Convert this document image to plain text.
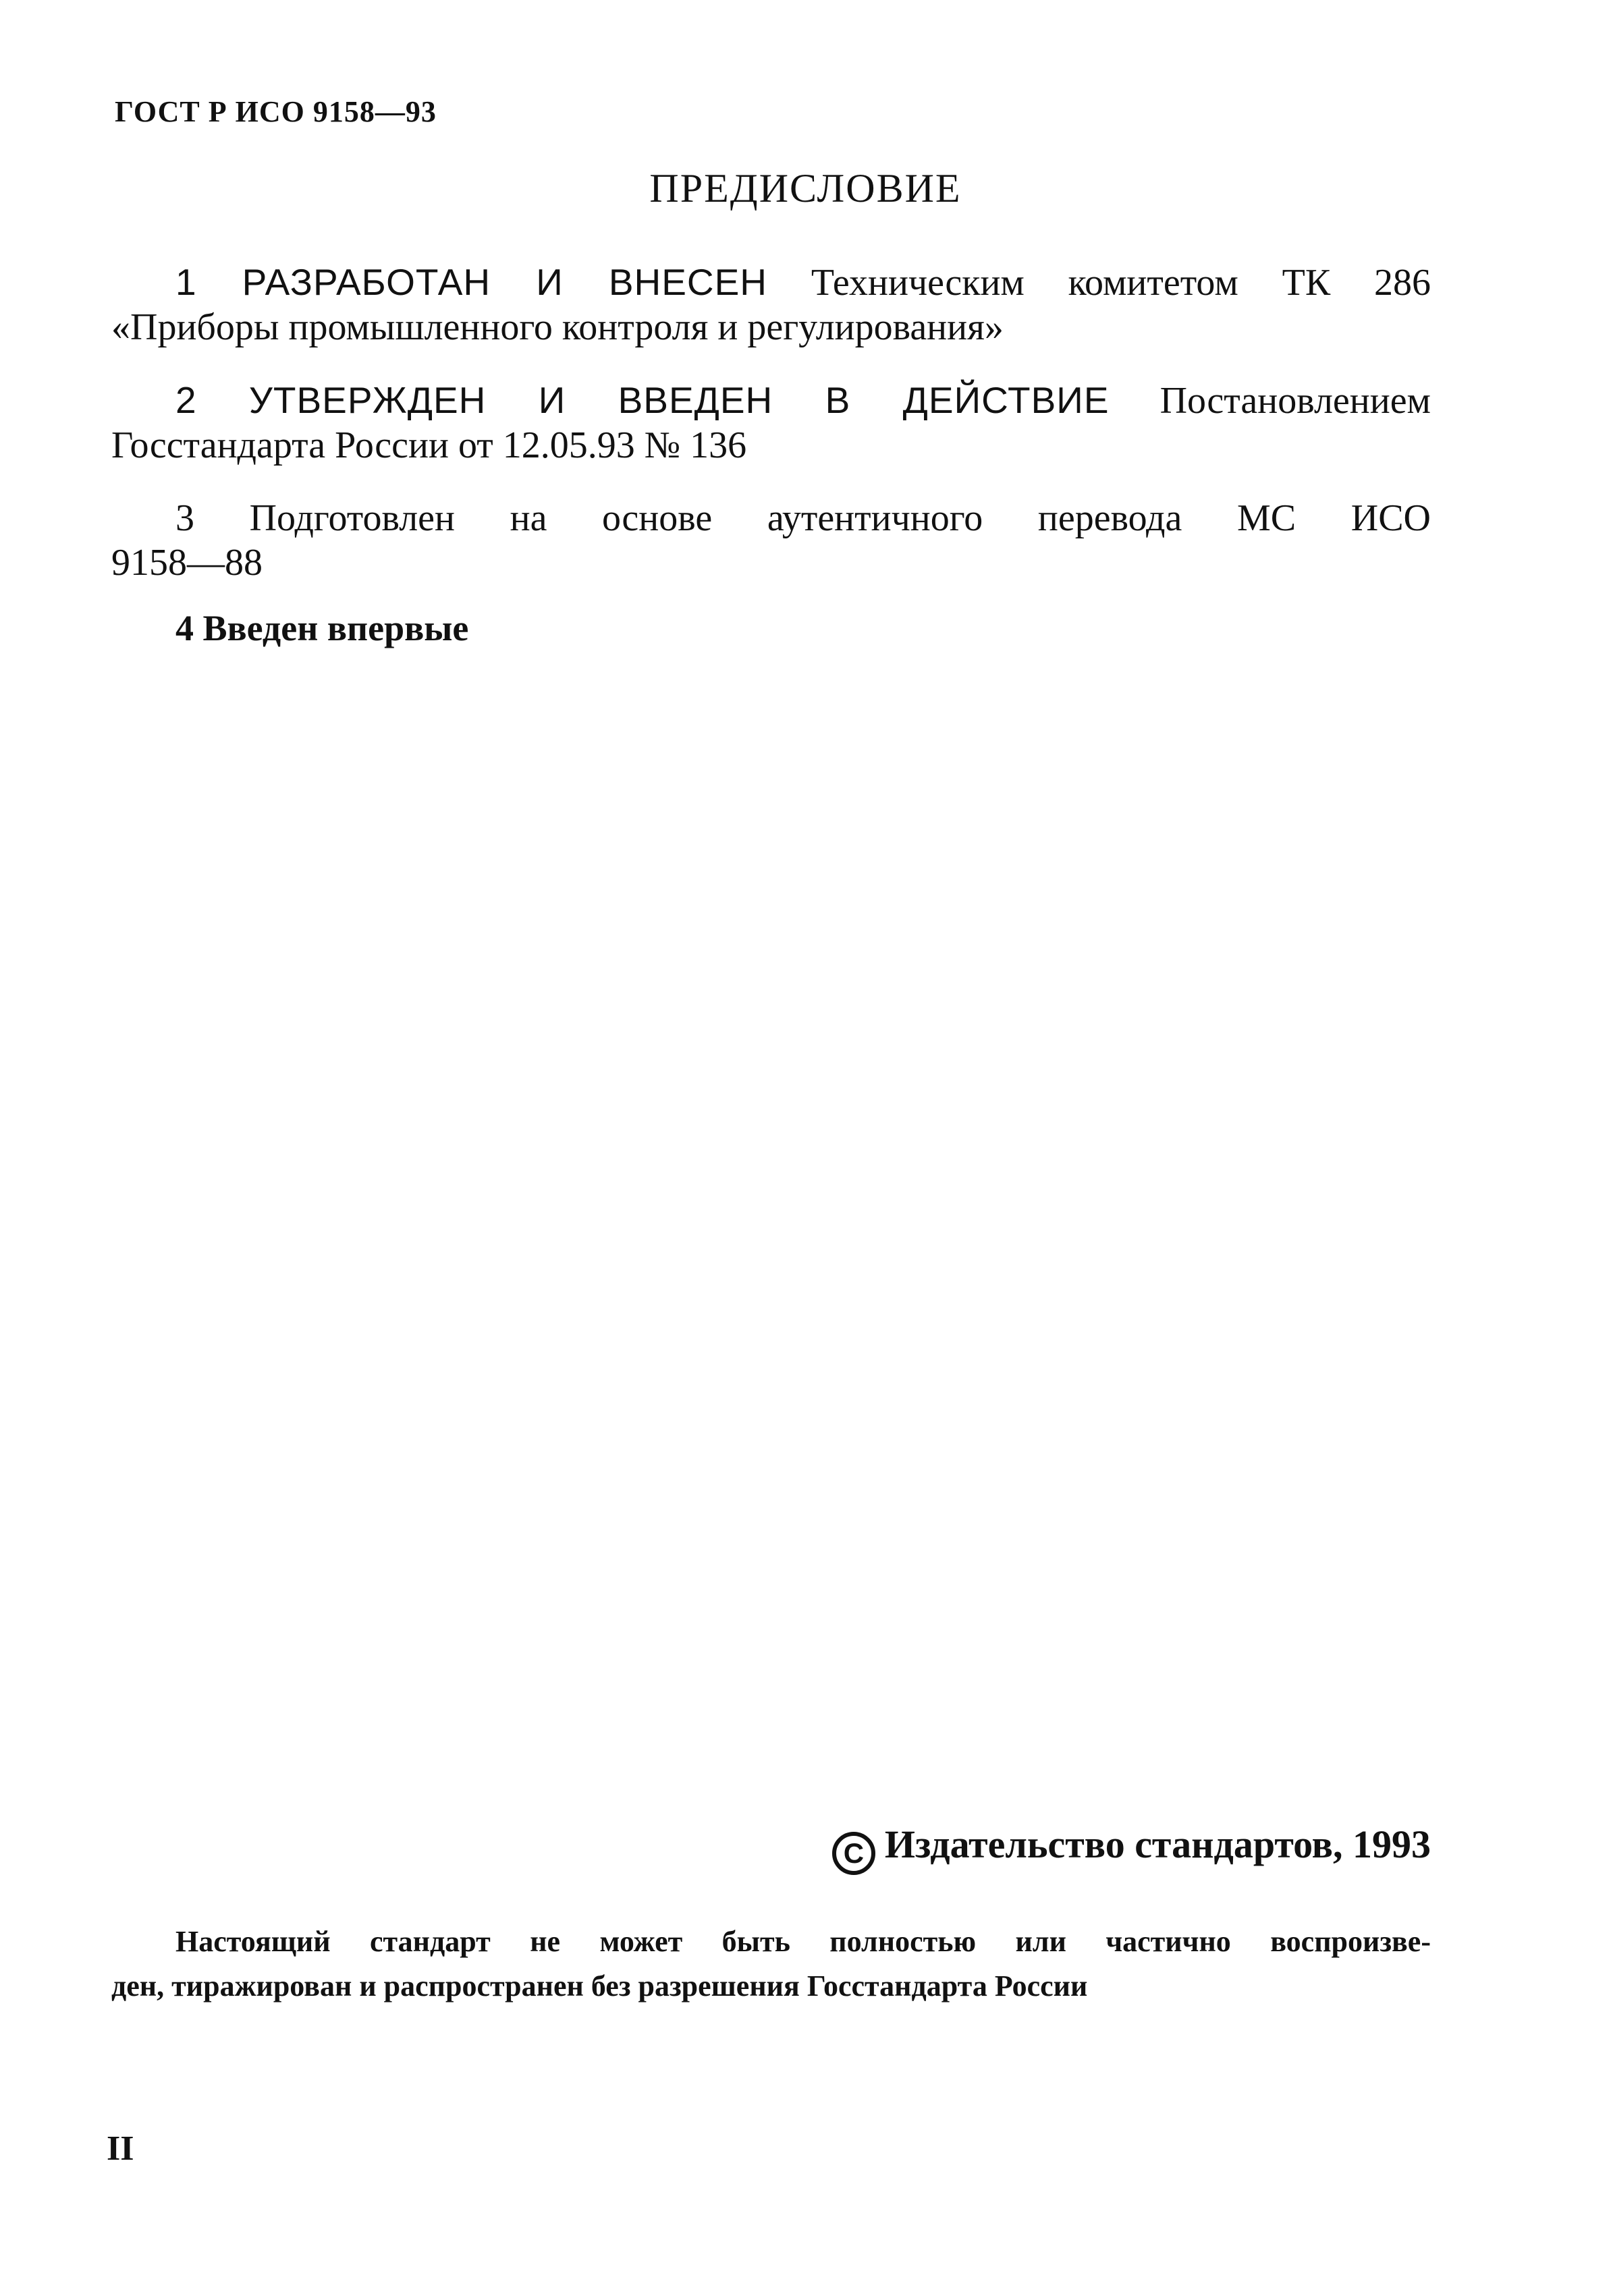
ГОСТ Р ИСО 9158—93
ПРЕДИСЛОВИЕ
1 РАЗРАБОТАН И ВНЕСЕН Техническим комитетом ТК 286
«Приборы промышленного контроля и регулирования»
2 УТВЕРЖДЕН И ВВЕДЕН В ДЕЙСТВИЕ Постановлением
Госстандарта России от 12.05.93 № 136
3 Подготовлен на основе аутентичного перевода МС ИСО
9158—88
4 Введен впервые
C Издательство стандартов, 1993
Настоящий стандарт не может быть полностью или частично воспроизве-
ден, тиражирован и распространен без разрешения Госстандарта России
II
